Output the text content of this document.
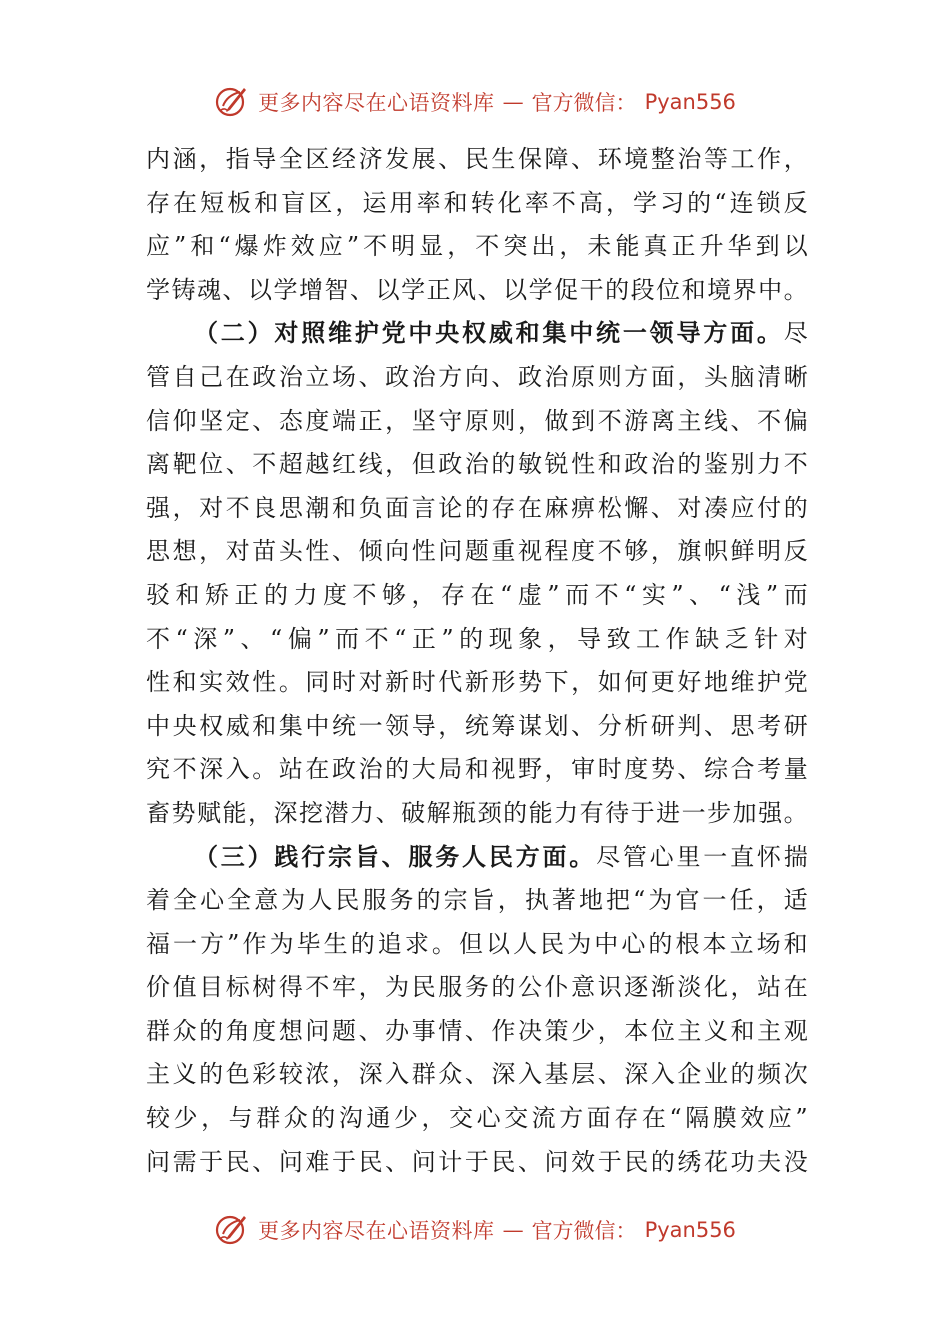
更多内容尽在心语资料库 — 官方微信： Pyan556
内涵，指导全区经济发展、民生保障、环境整治等工作，
存在短板和盲区，运用率和转化率不高，学习的“连锁反
应”和“爆炸效应”不明显，不突出，未能真正升华到以
学铸魂、以学增智、以学正风、以学促干的段位和境界中。
（二）对照维护党中央权威和集中统一领导方面。尽
管自己在政治立场、政治方向、政治原则方面，头脑清晰
信仰坚定、态度端正，坚守原则，做到不游离主线、不偏
离靶位、不超越红线，但政治的敏锐性和政治的鉴别力不
强，对不良思潮和负面言论的存在麻痹松懈、对凑应付的
思想，对苗头性、倾向性问题重视程度不够，旗帜鲜明反
驳和矫正的力度不够，存在“虚”而不“实”、“浅”而
不“深”、“偏”而不“正”的现象，导致工作缺乏针对
性和实效性。同时对新时代新形势下，如何更好地维护党
中央权威和集中统一领导，统筹谋划、分析研判、思考研
究不深入。站在政治的大局和视野，审时度势、综合考量
畜势赋能，深挖潜力、破解瓶颈的能力有待于进一步加强。
（三）践行宗旨、服务人民方面。尽管心里一直怀揣
着全心全意为人民服务的宗旨，执著地把“为官一任，适
福一方”作为毕生的追求。但以人民为中心的根本立场和
价值目标树得不牢，为民服务的公仆意识逐渐淡化，站在
群众的角度想问题、办事情、作决策少，本位主义和主观
主义的色彩较浓，深入群众、深入基层、深入企业的频次
较少，与群众的沟通少，交心交流方面存在“隔膜效应”
问需于民、问难于民、问计于民、问效于民的绣花功夫没
更多内容尽在心语资料库 — 官方微信： Pyan556
